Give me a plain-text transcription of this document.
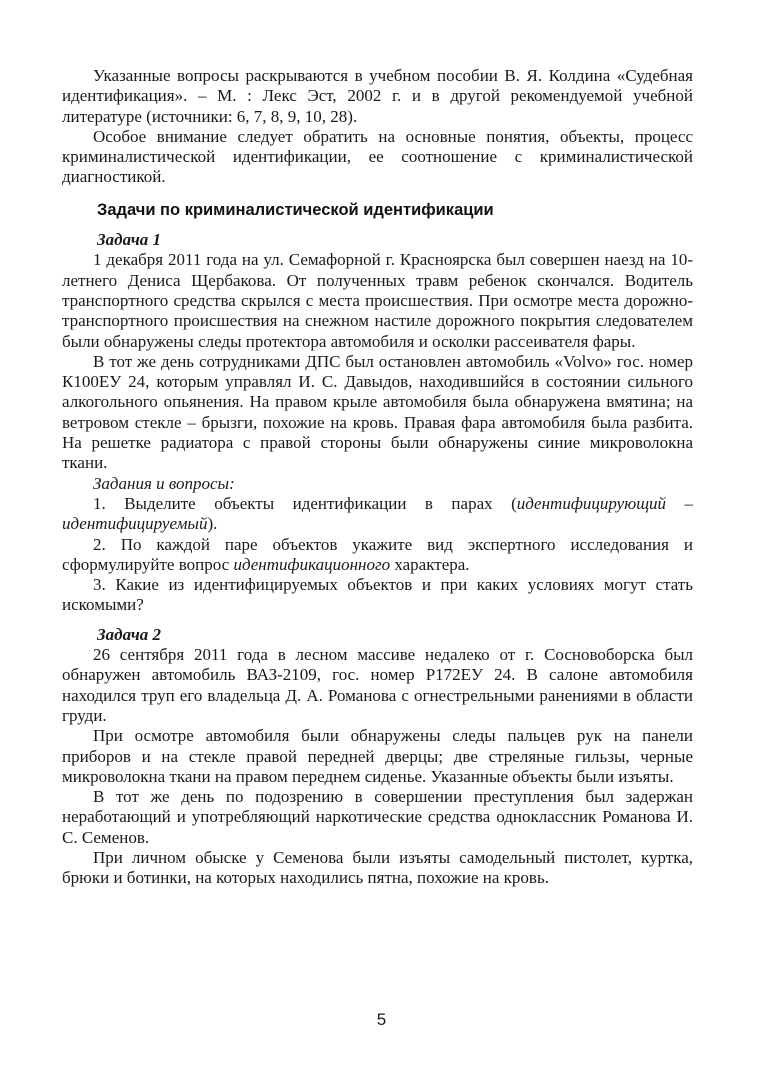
Указанные вопросы раскрываются в учебном пособии В. Я. Колдина «Судебная идентификация». – М. : Лекс Эст, 2002 г. и в другой рекомендуемой учебной литературе (источники: 6, 7, 8, 9, 10, 28).

Особое внимание следует обратить на основные понятия, объекты, процесс криминалистической идентификации, ее соотношение с криминалистической диагностикой.

Задачи по криминалистической идентификации
Задача 1

1 декабря 2011 года на ул. Семафорной г. Красноярска был совершен наезд на 10-летнего Дениса Щербакова. От полученных травм ребенок скончался. Водитель транспортного средства скрылся с места происшествия. При осмотре места дорожно-транспортного происшествия на снежном настиле дорожного покрытия следователем были обнаружены следы протектора автомобиля и осколки рассеивателя фары.

В тот же день сотрудниками ДПС был остановлен автомобиль «Volvo» гос. номер К100ЕУ 24, которым управлял И. С. Давыдов, находившийся в состоянии сильного алкогольного опьянения. На правом крыле автомобиля была обнаружена вмятина; на ветровом стекле – брызги, похожие на кровь. Правая фара автомобиля была разбита. На решетке радиатора с правой стороны были обнаружены синие микроволокна ткани.

Задания и вопросы:

1. Выделите объекты идентификации в парах (идентифицирующий – идентифицируемый).

2. По каждой паре объектов укажите вид экспертного исследования и сформулируйте вопрос идентификационного характера.

3. Какие из идентифицируемых объектов и при каких условиях могут стать искомыми?

Задача 2

26 сентября 2011 года в лесном массиве недалеко от г. Сосновоборска был обнаружен автомобиль ВАЗ-2109, гос. номер Р172ЕУ 24. В салоне автомобиля находился труп его владельца Д. А. Романова с огнестрельными ранениями в области груди.

При осмотре автомобиля были обнаружены следы пальцев рук на панели приборов и на стекле правой передней дверцы; две стреляные гильзы, черные микроволокна ткани на правом переднем сиденье. Указанные объекты были изъяты.

В тот же день по подозрению в совершении преступления был задержан неработающий и употребляющий наркотические средства одноклассник Романова И. С. Семенов.

При личном обыске у Семенова были изъяты самодельный пистолет, куртка, брюки и ботинки, на которых находились пятна, похожие на кровь.

5
